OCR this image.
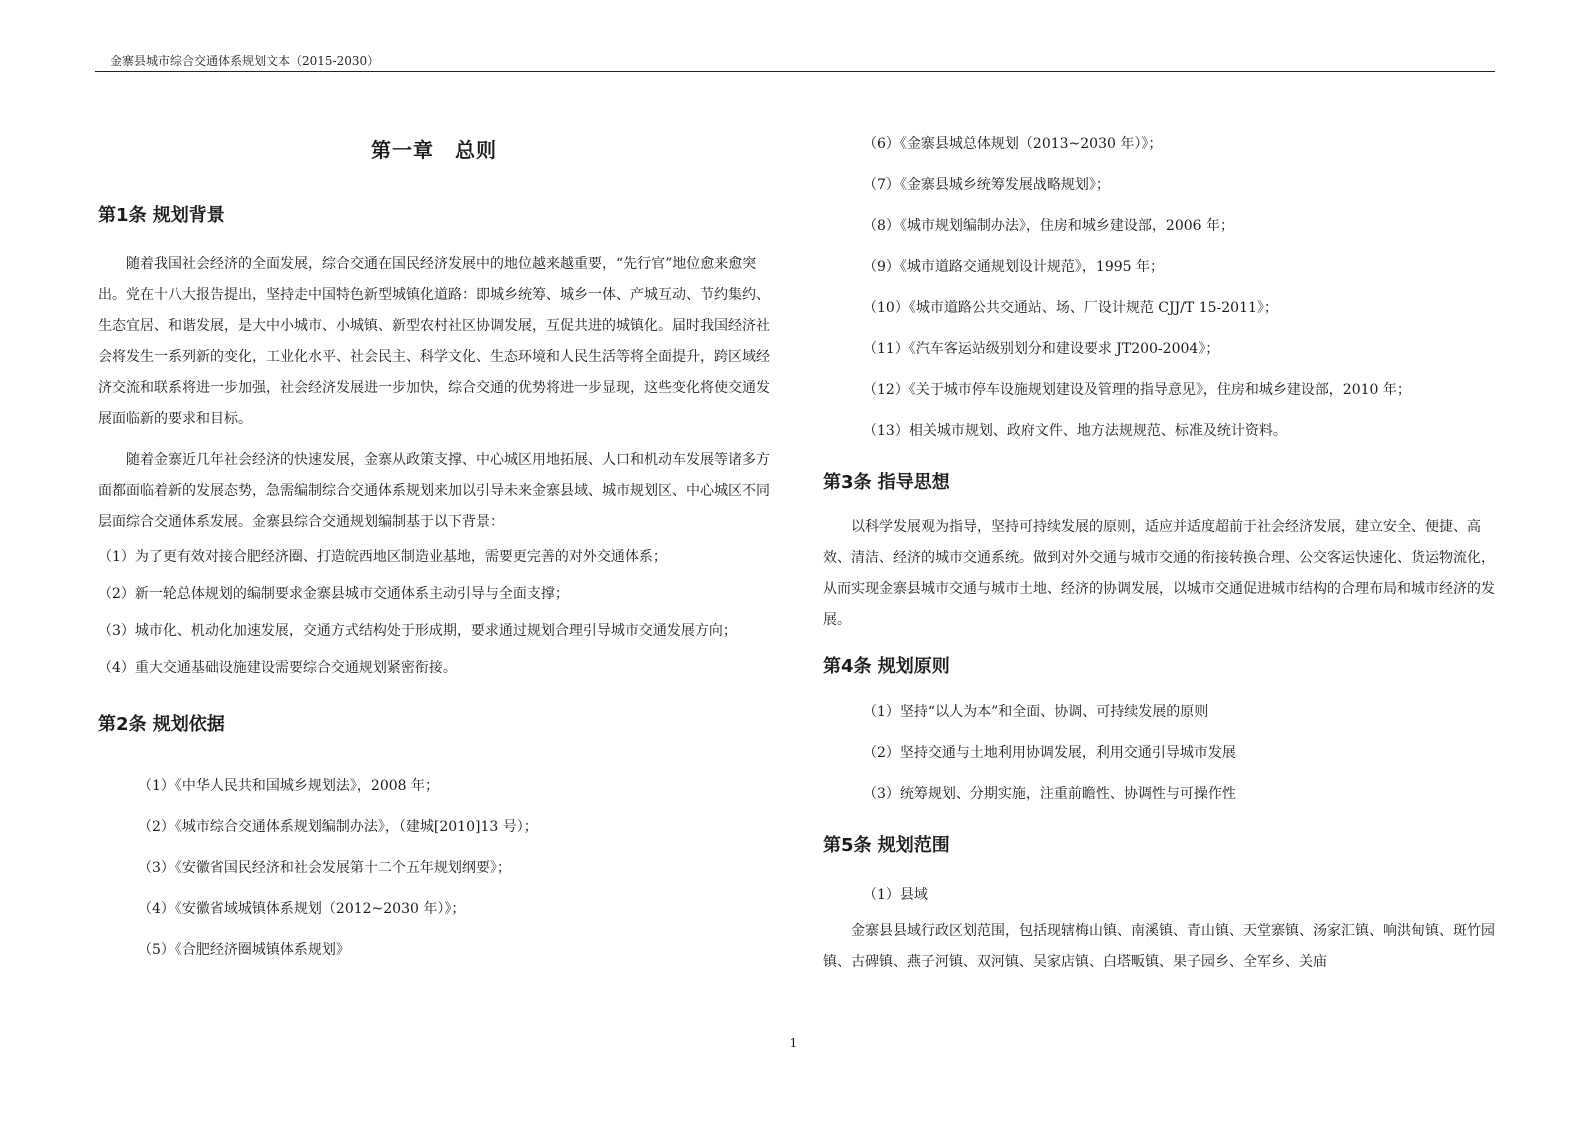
金寨县城市综合交通体系规划文本（2015-2030）
第一章　总则
第1条 规划背景

随着我国社会经济的全面发展，综合交通在国民经济发展中的地位越来越重要，“先行官”地位愈来愈突出。党在十八大报告提出，坚持走中国特色新型城镇化道路：即城乡统筹、城乡一体、产城互动、节约集约、生态宜居、和谐发展，是大中小城市、小城镇、新型农村社区协调发展，互促共进的城镇化。届时我国经济社会将发生一系列新的变化，工业化水平、社会民主、科学文化、生态环境和人民生活等将全面提升，跨区域经济交流和联系将进一步加强，社会经济发展进一步加快，综合交通的优势将进一步显现，这些变化将使交通发展面临新的要求和目标。

随着金寨近几年社会经济的快速发展，金寨从政策支撑、中心城区用地拓展、人口和机动车发展等诸多方面都面临着新的发展态势，急需编制综合交通体系规划来加以引导未来金寨县域、城市规划区、中心城区不同层面综合交通体系发展。金寨县综合交通规划编制基于以下背景：

（1）为了更有效对接合肥经济圈、打造皖西地区制造业基地，需要更完善的对外交通体系；

（2）新一轮总体规划的编制要求金寨县城市交通体系主动引导与全面支撑；

（3）城市化、机动化加速发展，交通方式结构处于形成期，要求通过规划合理引导城市交通发展方向；

（4）重大交通基础设施建设需要综合交通规划紧密衔接。

第2条 规划依据

（1）《中华人民共和国城乡规划法》，2008 年；

（2）《城市综合交通体系规划编制办法》，（建城[2010]13 号）；

（3）《安徽省国民经济和社会发展第十二个五年规划纲要》；

（4）《安徽省域城镇体系规划（2012~2030 年）》；

（5）《合肥经济圈城镇体系规划》

（6）《金寨县城总体规划（2013~2030 年）》；

（7）《金寨县城乡统筹发展战略规划》；

（8）《城市规划编制办法》，住房和城乡建设部，2006 年；

（9）《城市道路交通规划设计规范》，1995 年；

（10）《城市道路公共交通站、场、厂设计规范 CJJ/T 15-2011》；

（11）《汽车客运站级别划分和建设要求 JT200-2004》；

（12）《关于城市停车设施规划建设及管理的指导意见》，住房和城乡建设部，2010 年；

（13）相关城市规划、政府文件、地方法规规范、标准及统计资料。

第3条 指导思想

以科学发展观为指导，坚持可持续发展的原则，适应并适度超前于社会经济发展，建立安全、便捷、高效、清洁、经济的城市交通系统。做到对外交通与城市交通的衔接转换合理、公交客运快速化、货运物流化，从而实现金寨县城市交通与城市土地、经济的协调发展，以城市交通促进城市结构的合理布局和城市经济的发展。

第4条 规划原则

（1）坚持“以人为本”和全面、协调、可持续发展的原则

（2）坚持交通与土地利用协调发展，利用交通引导城市发展

（3）统筹规划、分期实施，注重前瞻性、协调性与可操作性

第5条 规划范围

（1）县域

金寨县县域行政区划范围，包括现辖梅山镇、南溪镇、青山镇、天堂寨镇、汤家汇镇、响洪甸镇、斑竹园镇、古碑镇、燕子河镇、双河镇、吴家店镇、白塔畈镇、果子园乡、全军乡、关庙

1
